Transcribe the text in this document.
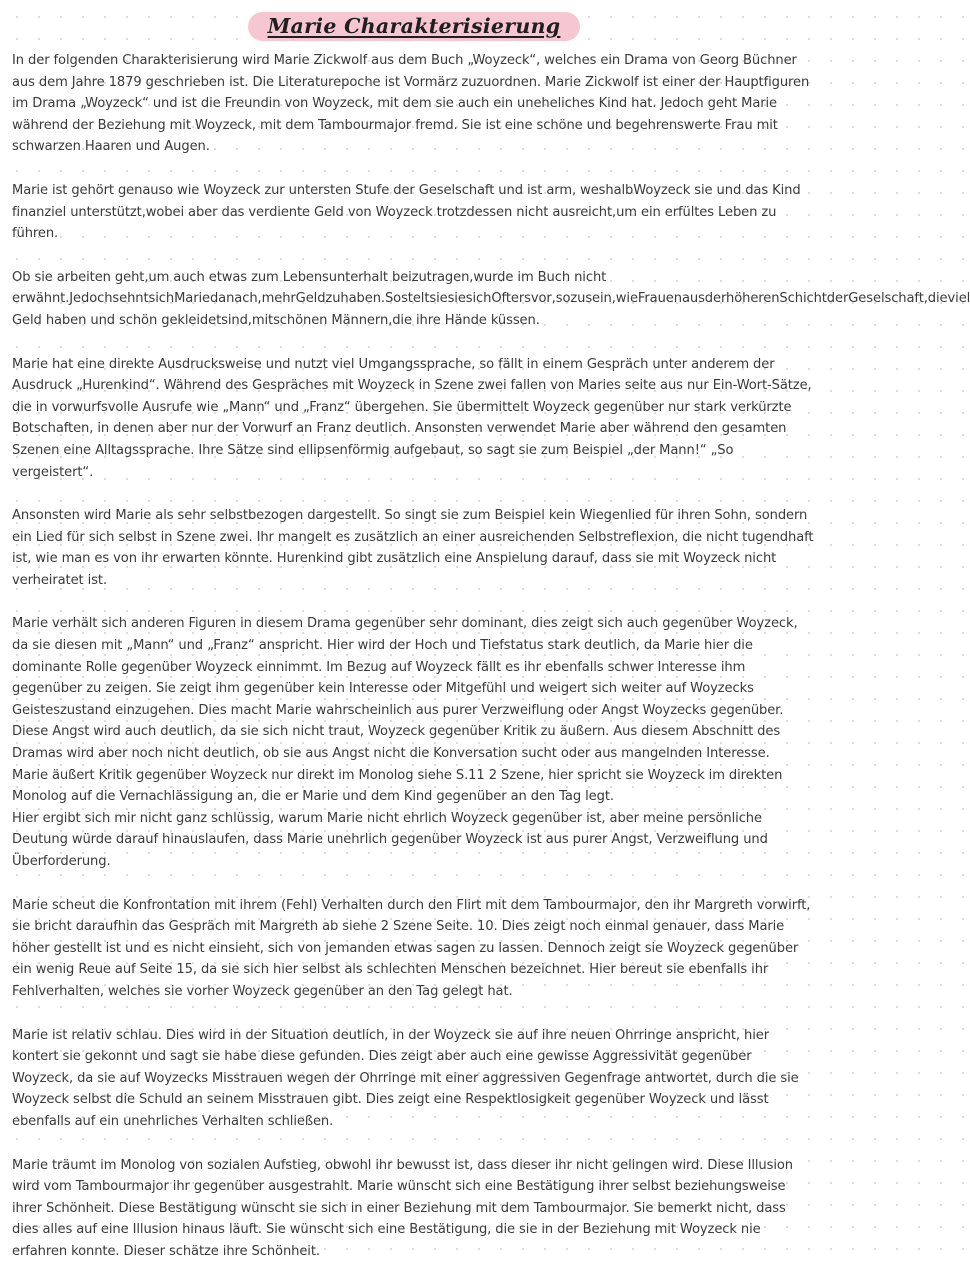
Marie Charakterisierung

In der folgenden Charakterisierung wird Marie Zickwolf aus dem Buch „Woyzeck“, welches ein Drama von Georg Büchner aus dem Jahre 1879 geschrieben ist. Die Literaturepoche ist Vormärz zuzuordnen. Marie Zickwolf ist einer der Hauptfiguren im Drama „Woyzeck“ und ist die Freundin von Woyzeck, mit dem sie auch ein uneheliches Kind hat. Jedoch geht Marie während der Beziehung mit Woyzeck, mit dem Tambourmajor fremd. Sie ist eine schöne und begehrenswerte Frau mit schwarzen Haaren und Augen.

Marie ist gehört genauso wie Woyzeck zur untersten Stufe der Geselschaft und ist arm, weshalbWoyzeck sie und das Kind finanziel unterstützt,wobei aber das verdiente Geld von Woyzeck trotzdessen nicht ausreicht,um ein erfültes Leben zu führen.

Ob sie arbeiten geht,um auch etwas zum Lebensunterhalt beizutragen,wurde im Buch nicht erwähnt.JedochsehntsichMariedanach,mehrGeldzuhaben.SosteltsiesiesichOftersvor,sozusein,wieFrauenausderhöherenSchichtderGeselschaft,dieviel Geld haben und schön gekleidetsind,mitschönen Männern,die ihre Hände küssen.

Marie hat eine direkte Ausdrucksweise und nutzt viel Umgangssprache, so fällt in einem Gespräch unter anderem der Ausdruck „Hurenkind“. Während des Gespräches mit Woyzeck in Szene zwei fallen von Maries seite aus nur Ein-Wort-Sätze, die in vorwurfsvolle Ausrufe wie „Mann“ und „Franz“ übergehen. Sie übermittelt Woyzeck gegenüber nur stark verkürzte Botschaften, in denen aber nur der Vorwurf an Franz deutlich. Ansonsten verwendet Marie aber während den gesamten Szenen eine Alltagssprache. Ihre Sätze sind ellipsenförmig aufgebaut, so sagt sie zum Beispiel „der Mann!“ „So vergeistert“.

Ansonsten wird Marie als sehr selbstbezogen dargestellt. So singt sie zum Beispiel kein Wiegenlied für ihren Sohn, sondern ein Lied für sich selbst in Szene zwei. Ihr mangelt es zusätzlich an einer ausreichenden Selbstreflexion, die nicht tugendhaft ist, wie man es von ihr erwarten könnte. Hurenkind gibt zusätzlich eine Anspielung darauf, dass sie mit Woyzeck nicht verheiratet ist.

Marie verhält sich anderen Figuren in diesem Drama gegenüber sehr dominant, dies zeigt sich auch gegenüber Woyzeck, da sie diesen mit „Mann“ und „Franz“ anspricht. Hier wird der Hoch und Tiefstatus stark deutlich, da Marie hier die dominante Rolle gegenüber Woyzeck einnimmt. Im Bezug auf Woyzeck fällt es ihr ebenfalls schwer Interesse ihm gegenüber zu zeigen. Sie zeigt ihm gegenüber kein Interesse oder Mitgefühl und weigert sich weiter auf Woyzecks Geisteszustand einzugehen. Dies macht Marie wahrscheinlich aus purer Verzweiflung oder Angst Woyzecks gegenüber. Diese Angst wird auch deutlich, da sie sich nicht traut, Woyzeck gegenüber Kritik zu äußern. Aus diesem Abschnitt des Dramas wird aber noch nicht deutlich, ob sie aus Angst nicht die Konversation sucht oder aus mangelnden Interesse.

Marie äußert Kritik gegenüber Woyzeck nur direkt im Monolog siehe S.11 2 Szene, hier spricht sie Woyzeck im direkten Monolog auf die Vernachlässigung an, die er Marie und dem Kind gegenüber an den Tag legt.

Hier ergibt sich mir nicht ganz schlüssig, warum Marie nicht ehrlich Woyzeck gegenüber ist, aber meine persönliche Deutung würde darauf hinauslaufen, dass Marie unehrlich gegenüber Woyzeck ist aus purer Angst, Verzweiflung und Überforderung.

Marie scheut die Konfrontation mit ihrem (Fehl) Verhalten durch den Flirt mit dem Tambourmajor, den ihr Margreth vorwirft, sie bricht daraufhin das Gespräch mit Margreth ab siehe 2 Szene Seite. 10. Dies zeigt noch einmal genauer, dass Marie höher gestellt ist und es nicht einsieht, sich von jemanden etwas sagen zu lassen. Dennoch zeigt sie Woyzeck gegenüber ein wenig Reue auf Seite 15, da sie sich hier selbst als schlechten Menschen bezeichnet. Hier bereut sie ebenfalls ihr Fehlverhalten, welches sie vorher Woyzeck gegenüber an den Tag gelegt hat.

Marie ist relativ schlau. Dies wird in der Situation deutlich, in der Woyzeck sie auf ihre neuen Ohrringe anspricht, hier kontert sie gekonnt und sagt sie habe diese gefunden. Dies zeigt aber auch eine gewisse Aggressivität gegenüber Woyzeck, da sie auf Woyzecks Misstrauen wegen der Ohrringe mit einer aggressiven Gegenfrage antwortet, durch die sie Woyzeck selbst die Schuld an seinem Misstrauen gibt. Dies zeigt eine Respektlosigkeit gegenüber Woyzeck und lässt ebenfalls auf ein unehrliches Verhalten schließen.

Marie träumt im Monolog von sozialen Aufstieg, obwohl ihr bewusst ist, dass dieser ihr nicht gelingen wird. Diese Illusion wird vom Tambourmajor ihr gegenüber ausgestrahlt. Marie wünscht sich eine Bestätigung ihrer selbst beziehungsweise ihrer Schönheit. Diese Bestätigung wünscht sie sich in einer Beziehung mit dem Tambourmajor. Sie bemerkt nicht, dass dies alles auf eine Illusion hinaus läuft. Sie wünscht sich eine Bestätigung, die sie in der Beziehung mit Woyzeck nie erfahren konnte. Dieser schätze ihre Schönheit.
